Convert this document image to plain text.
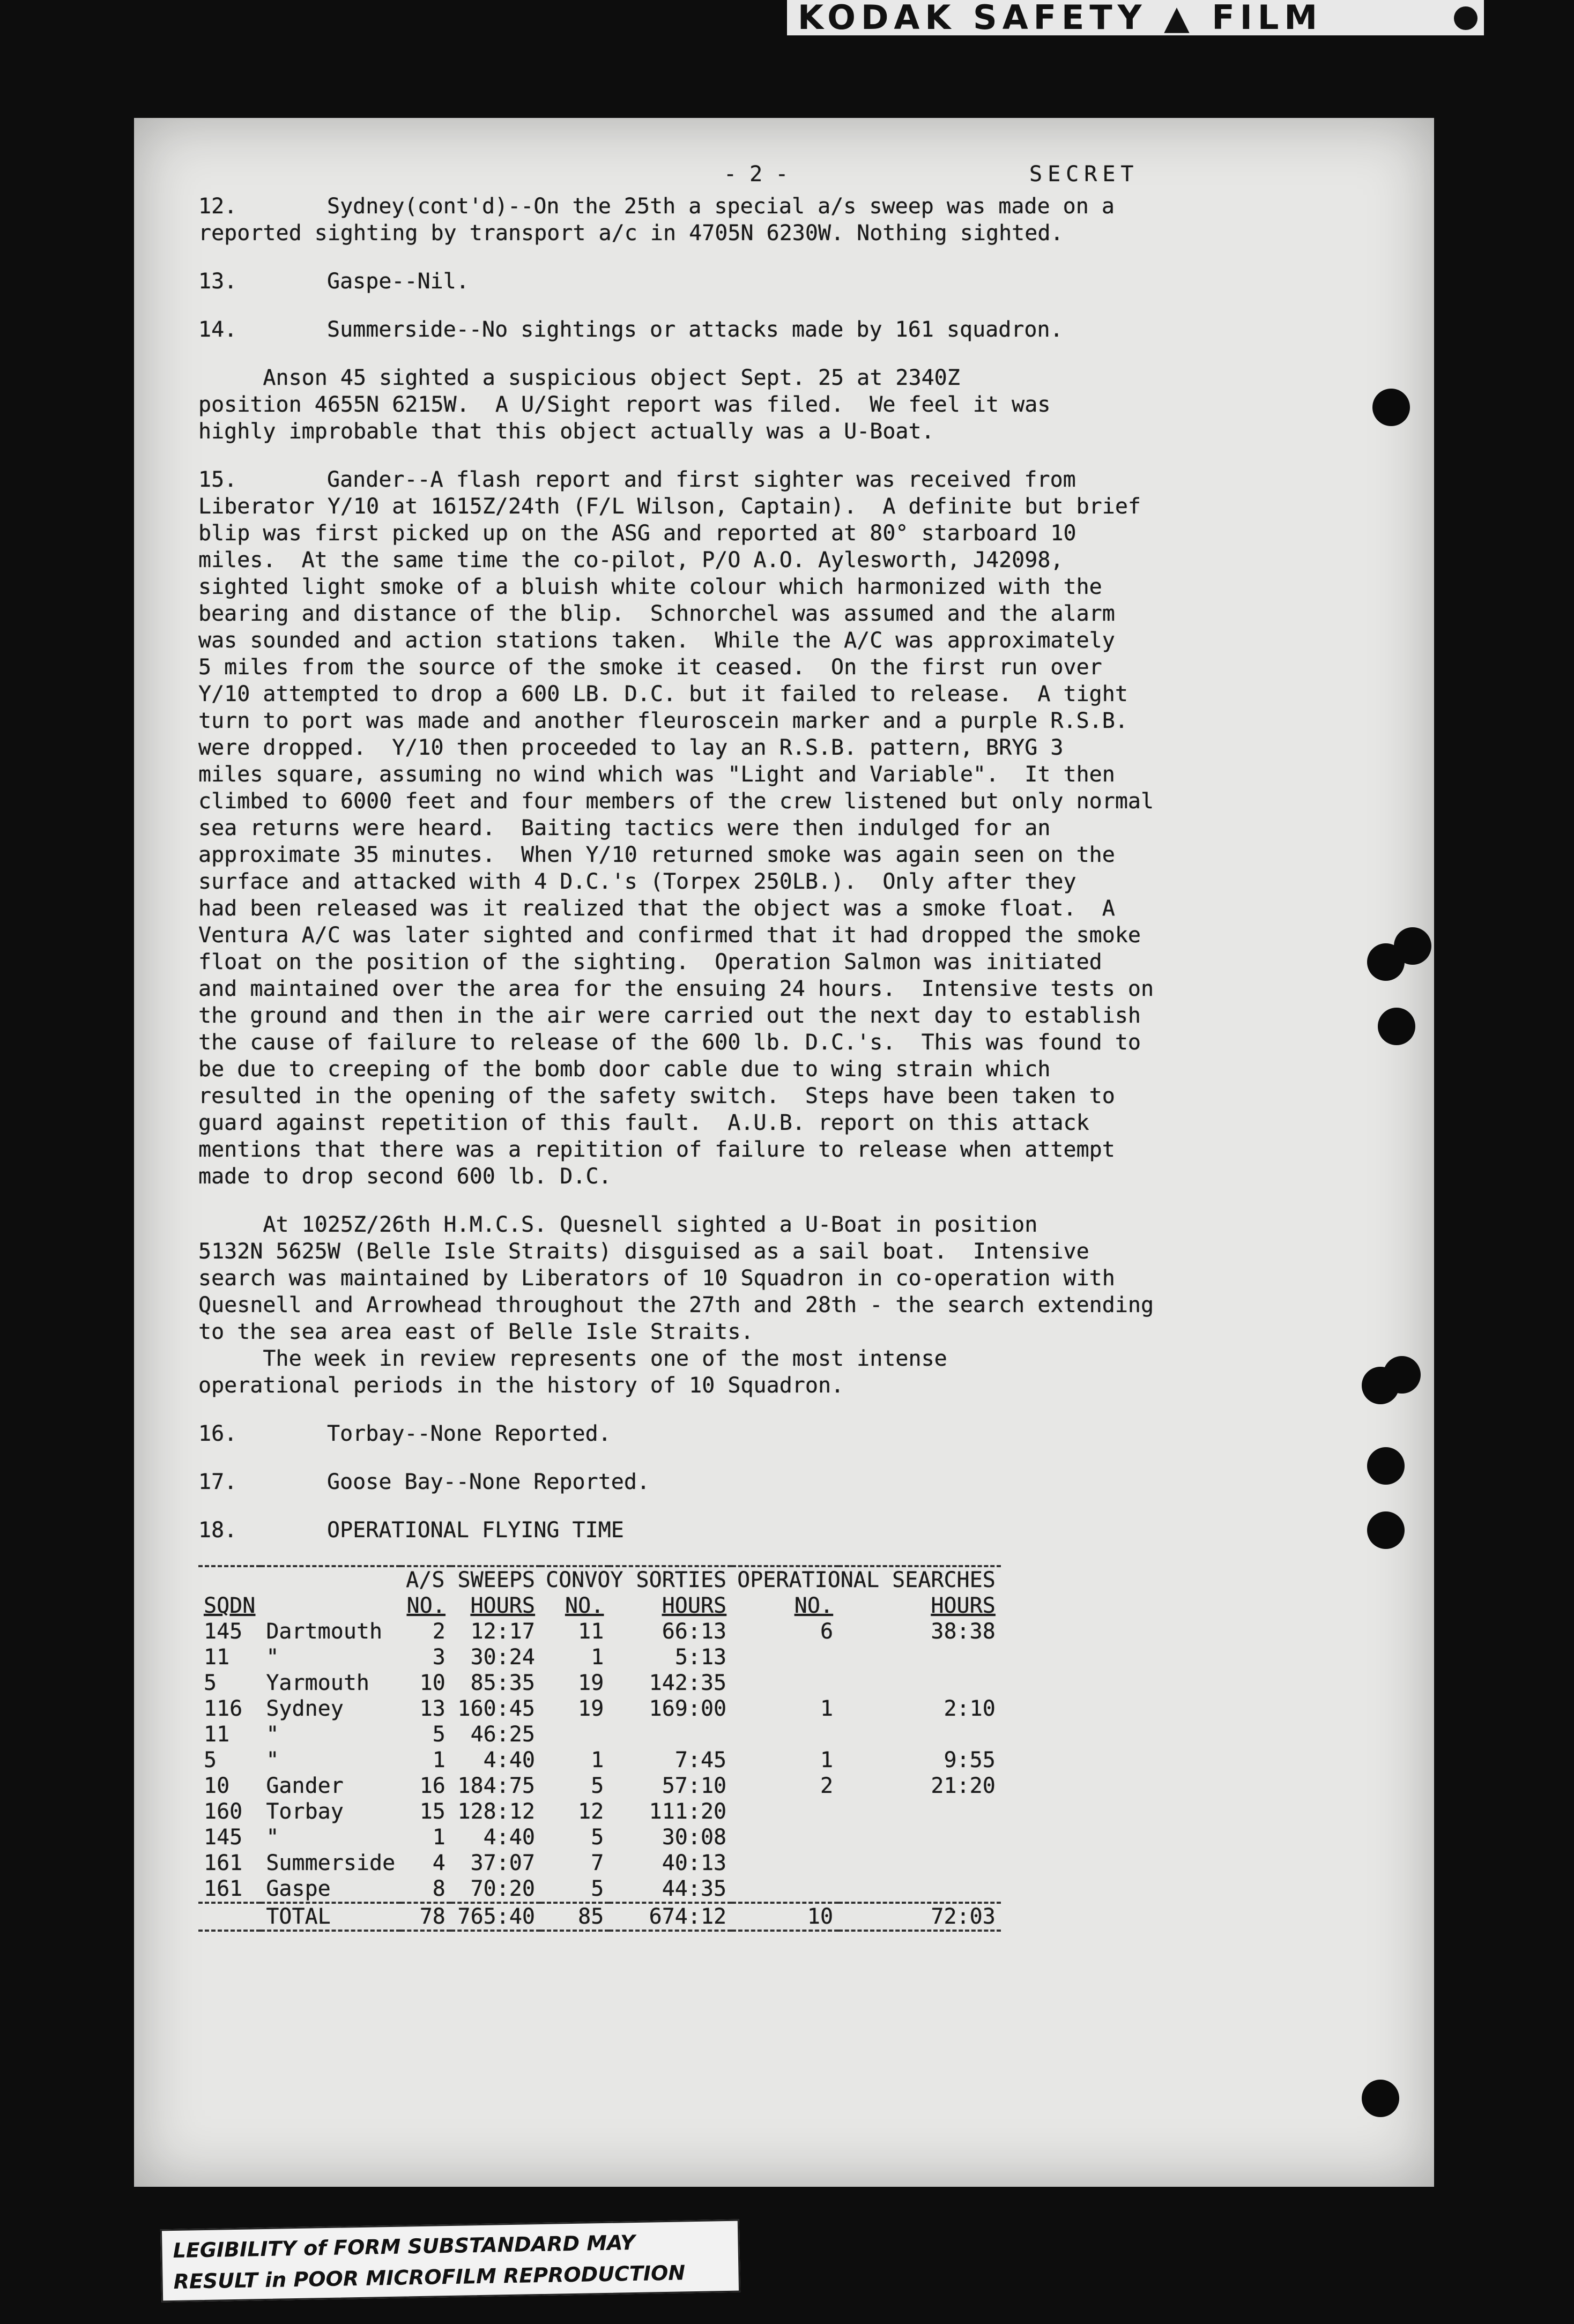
KODAK SAFETY ▲ FILM
- 2 -	SECRET

12.	Sydney(cont'd)--On the 25th a special a/s sweep was made on a

reported sighting by transport a/c in 4705N 6230W. Nothing sighted.

13.	Gaspe--Nil.

14.	Summerside--No sightings or attacks made by 161 squadron.

Anson 45 sighted a suspicious object Sept. 25 at 2340Z

position 4655N 6215W.  A U/Sight report was filed.  We feel it was

highly improbable that this object actually was a U-Boat.

15.	Gander--A flash report and first sighter was received from

Liberator Y/10 at 1615Z/24th (F/L Wilson, Captain).  A definite but brief

blip was first picked up on the ASG and reported at 80° starboard 10

miles.  At the same time the co-pilot, P/O A.O. Aylesworth, J42098,

sighted light smoke of a bluish white colour which harmonized with the

bearing and distance of the blip.  Schnorchel was assumed and the alarm

was sounded and action stations taken.  While the A/C was approximately

5 miles from the source of the smoke it ceased.  On the first run over

Y/10 attempted to drop a 600 LB. D.C. but it failed to release.  A tight

turn to port was made and another fleuroscein marker and a purple R.S.B.

were dropped.  Y/10 then proceeded to lay an R.S.B. pattern, BRYG 3

miles square, assuming no wind which was "Light and Variable".  It then

climbed to 6000 feet and four members of the crew listened but only normal

sea returns were heard.  Baiting tactics were then indulged for an

approximate 35 minutes.  When Y/10 returned smoke was again seen on the

surface and attacked with 4 D.C.'s (Torpex 250LB.).  Only after they

had been released was it realized that the object was a smoke float.  A

Ventura A/C was later sighted and confirmed that it had dropped the smoke

float on the position of the sighting.  Operation Salmon was initiated

and maintained over the area for the ensuing 24 hours.  Intensive tests on

the ground and then in the air were carried out the next day to establish

the cause of failure to release of the 600 lb. D.C.'s.  This was found to

be due to creeping of the bomb door cable due to wing strain which

resulted in the opening of the safety switch.  Steps have been taken to

guard against repetition of this fault.  A.U.B. report on this attack

mentions that there was a repitition of failure to release when attempt

made to drop second 600 lb. D.C.

At 1025Z/26th H.M.C.S. Quesnell sighted a U-Boat in position

5132N 5625W (Belle Isle Straits) disguised as a sail boat.  Intensive

search was maintained by Liberators of 10 Squadron in co-operation with

Quesnell and Arrowhead throughout the 27th and 28th - the search extending

to the sea area east of Belle Isle Straits.

The week in review represents one of the most intense

operational periods in the history of 10 Squadron.

16.	Torbay--None Reported.

17.	Goose Bay--None Reported.

18.	OPERATIONAL FLYING TIME

		A/S SWEEPS		CONVOY SORTIES		OPERATIONAL SEARCHES	
SQDN		NO.	HOURS	NO.	HOURS	NO.	HOURS
145	Dartmouth	2	12:17	11	66:13	6	38:38
11	"	3	30:24	1	5:13		
5	Yarmouth	10	85:35	19	142:35		
116	Sydney	13	160:45	19	169:00	1	2:10
11	"	5	46:25				
5	"	1	4:40	1	7:45	1	9:55
10	Gander	16	184:75	5	57:10	2	21:20
160	Torbay	15	128:12	12	111:20		
145	"	1	4:40	5	30:08		
161	Summerside	4	37:07	7	40:13		
161	Gaspe	8	70:20	5	44:35		
	TOTAL	78	765:40	85	674:12	10	72:03

LEGIBILITY of FORM SUBSTANDARD MAY
RESULT in POOR MICROFILM REPRODUCTION
